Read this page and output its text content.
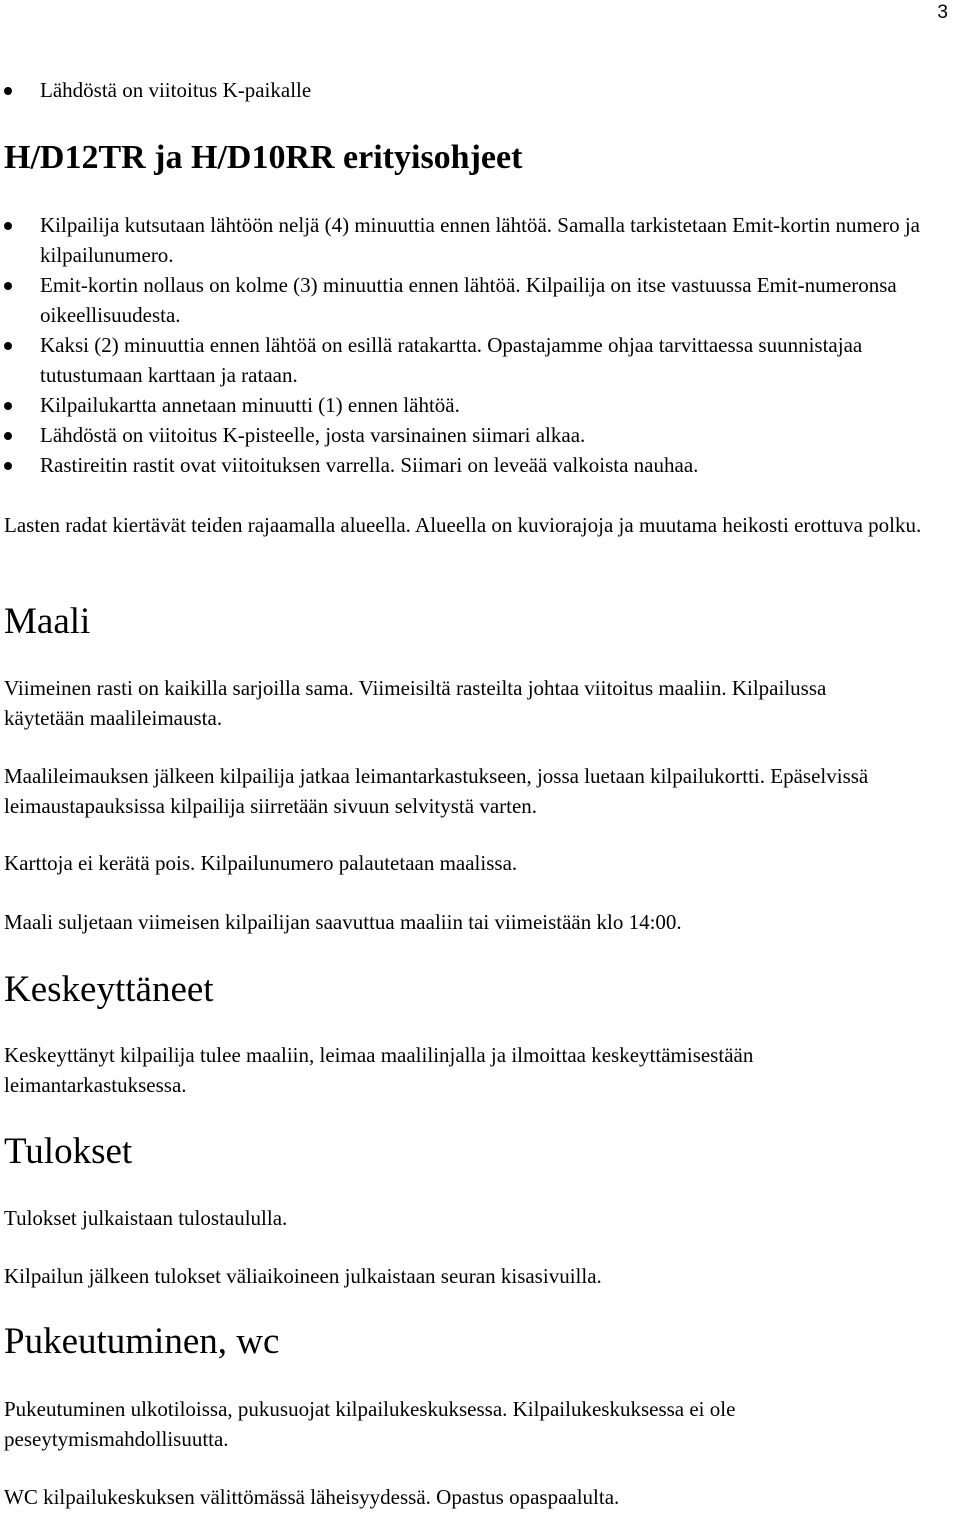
3
Lähdöstä on viitoitus K-paikalle
H/D12TR ja H/D10RR erityisohjeet
Kilpailija kutsutaan lähtöön neljä (4) minuuttia ennen lähtöä. Samalla tarkistetaan Emit-kortin numero ja kilpailunumero.
Emit-kortin nollaus on kolme (3) minuuttia ennen lähtöä. Kilpailija on itse vastuussa Emit-numeronsa oikeellisuudesta.
Kaksi (2) minuuttia ennen lähtöä on esillä ratakartta. Opastajamme ohjaa tarvittaessa suunnistajaa tutustumaan karttaan ja rataan.
Kilpailukartta annetaan minuutti (1) ennen lähtöä.
Lähdöstä on viitoitus K-pisteelle, josta varsinainen siimari alkaa.
Rastireitin rastit ovat viitoituksen varrella. Siimari on leveää valkoista nauhaa.

Lasten radat kiertävät teiden rajaamalla alueella. Alueella on kuviorajoja ja muutama heikosti erottuva polku.

Maali

Viimeinen rasti on kaikilla sarjoilla sama. Viimeisiltä rasteilta johtaa viitoitus maaliin. Kilpailussa käytetään maalileimausta.

Maalileimauksen jälkeen kilpailija jatkaa leimantarkastukseen, jossa luetaan kilpailukortti. Epäselvissä leimaustapauksissa kilpailija siirretään sivuun selvitystä varten.

Karttoja ei kerätä pois. Kilpailunumero palautetaan maalissa.

Maali suljetaan viimeisen kilpailijan saavuttua maaliin tai viimeistään klo 14:00.

Keskeyttäneet

Keskeyttänyt kilpailija tulee maaliin, leimaa maalilinjalla ja ilmoittaa keskeyttämisestään leimantarkastuksessa.

Tulokset

Tulokset julkaistaan tulostaululla.

Kilpailun jälkeen tulokset väliaikoineen julkaistaan seuran kisasivuilla.

Pukeutuminen, wc

Pukeutuminen ulkotiloissa, pukusuojat kilpailukeskuksessa. Kilpailukeskuksessa ei ole peseytymismahdollisuutta.

WC kilpailukeskuksen välittömässä läheisyydessä. Opastus opaspaalulta.
